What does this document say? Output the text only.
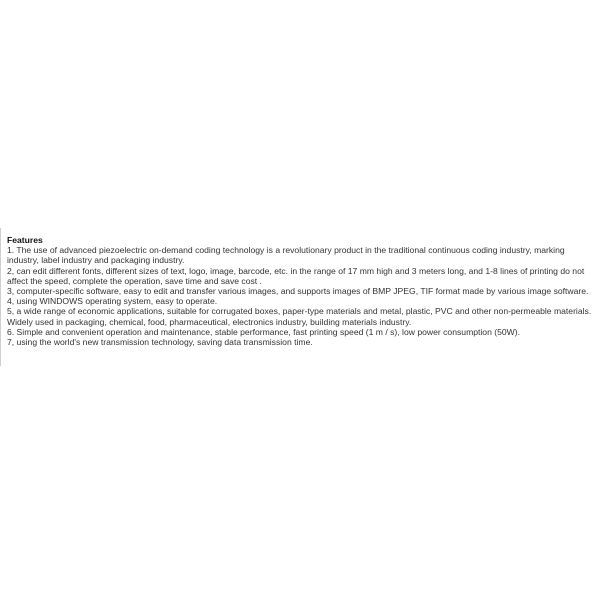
Features
1. The use of advanced piezoelectric on-demand coding technology is a revolutionary product in the traditional continuous coding industry, marking industry, label industry and packaging industry.
2, can edit different fonts, different sizes of text, logo, image, barcode, etc. in the range of 17 mm high and 3 meters long, and 1-8 lines of printing do not affect the speed, complete the operation, save time and save cost .
3, computer-specific software, easy to edit and transfer various images, and supports images of BMP JPEG, TIF format made by various image software.
4, using WINDOWS operating system, easy to operate.
5, a wide range of economic applications, suitable for corrugated boxes, paper-type materials and metal, plastic, PVC and other non-permeable materials. Widely used in packaging, chemical, food, pharmaceutical, electronics industry, building materials industry.
6. Simple and convenient operation and maintenance, stable performance, fast printing speed (1 m / s), low power consumption (50W).
7, using the world's new transmission technology, saving data transmission time.
